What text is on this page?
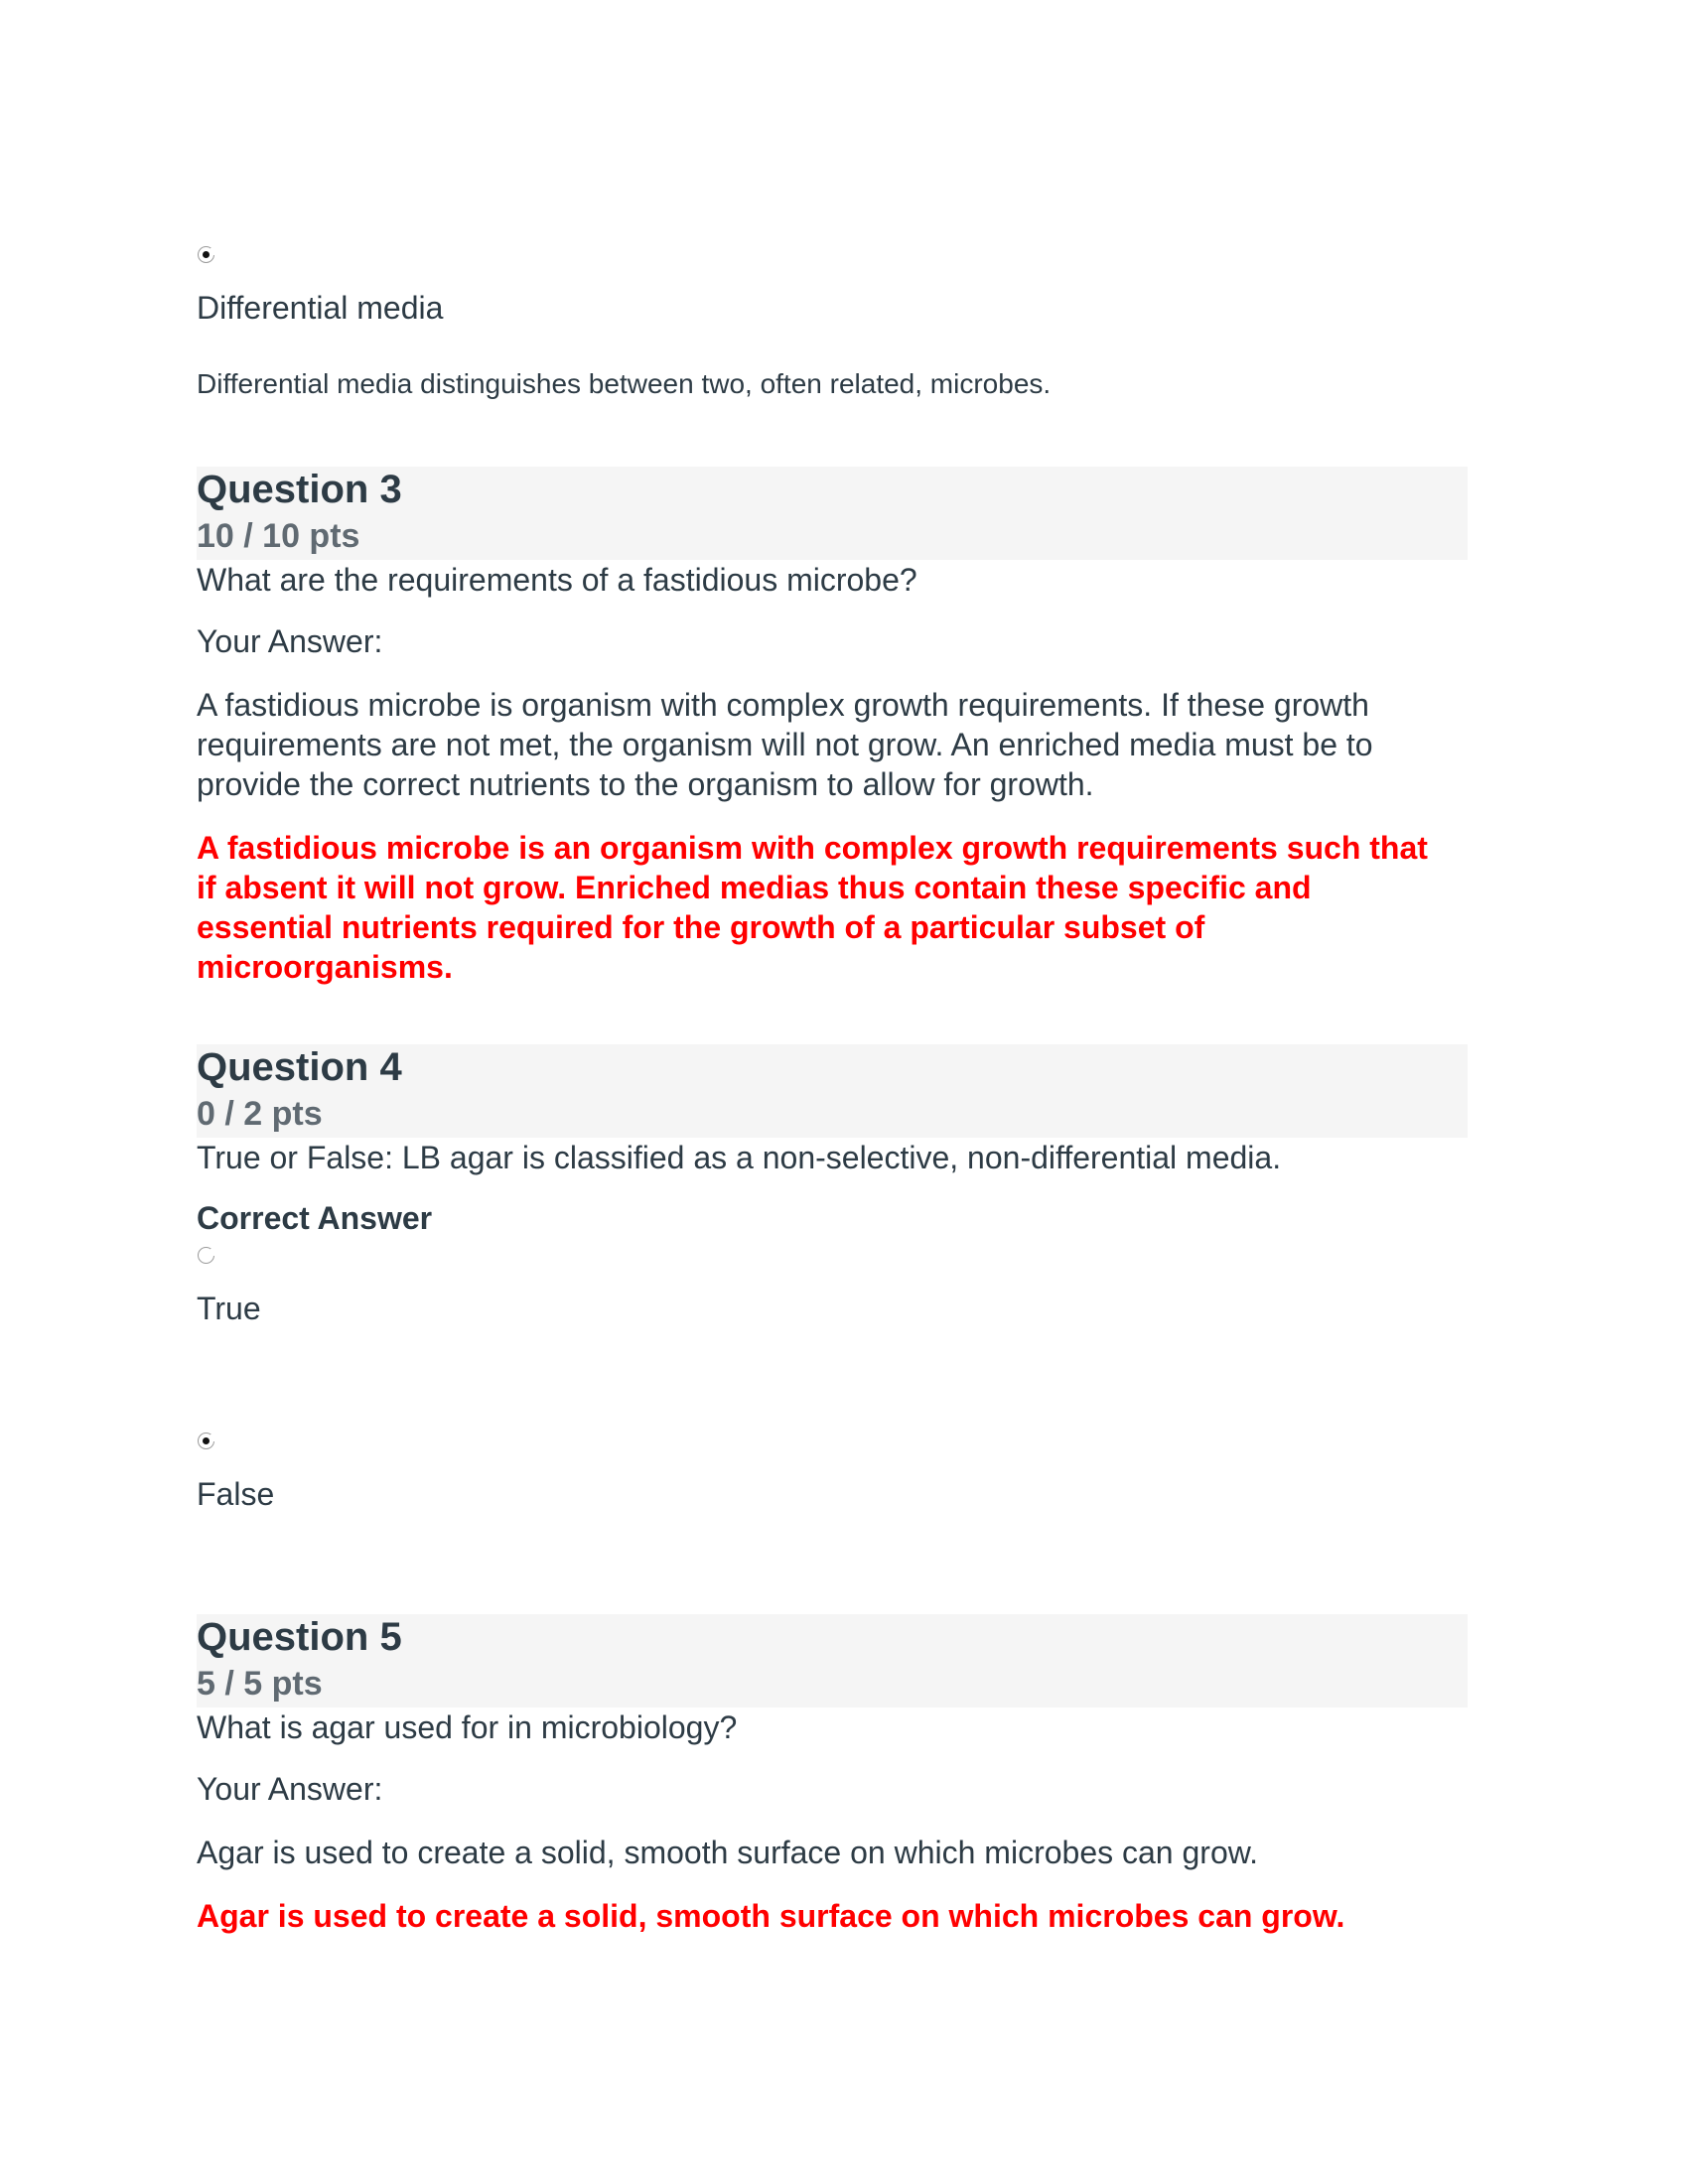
Differential media
Differential media distinguishes between two, often related, microbes.
Question 3
10 / 10 pts
What are the requirements of a fastidious microbe?
Your Answer:
A fastidious microbe is organism with complex growth requirements. If these growth
requirements are not met, the organism will not grow. An enriched media must be to
provide the correct nutrients to the organism to allow for growth.
A fastidious microbe is an organism with complex growth requirements such that
if absent it will not grow. Enriched medias thus contain these specific and
essential nutrients required for the growth of a particular subset of
microorganisms.
Question 4
0 / 2 pts
True or False: LB agar is classified as a non-selective, non-differential media.
Correct Answer
True
False
Question 5
5 / 5 pts
What is agar used for in microbiology?
Your Answer:
Agar is used to create a solid, smooth surface on which microbes can grow.
Agar is used to create a solid, smooth surface on which microbes can grow.
